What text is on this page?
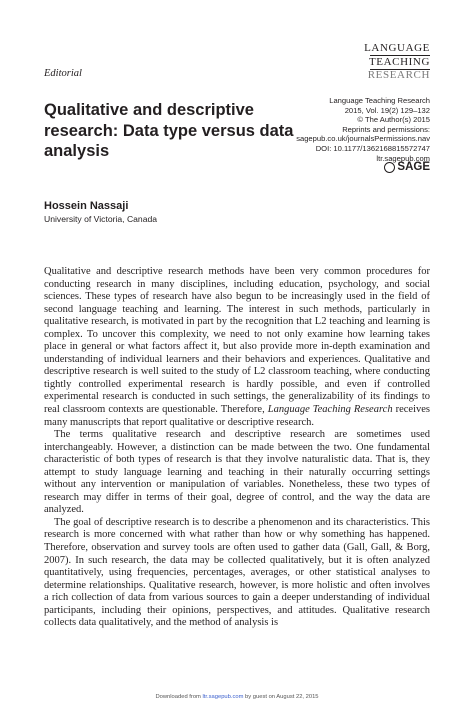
LANGUAGE
TEACHING
RESEARCH
Editorial
Qualitative and descriptive research: Data type versus data analysis
Language Teaching Research
2015, Vol. 19(2) 129–132
© The Author(s) 2015
Reprints and permissions:
sagepub.co.uk/journalsPermissions.nav
DOI: 10.1177/1362168815572747
ltr.sagepub.com
SAGE
Hossein Nassaji
University of Victoria, Canada

Qualitative and descriptive research methods have been very common procedures for conducting research in many disciplines, including education, psychology, and social sciences. These types of research have also begun to be increasingly used in the field of second language teaching and learning. The interest in such methods, particularly in qualitative research, is motivated in part by the recognition that L2 teaching and learning is complex. To uncover this complexity, we need to not only examine how learning takes place in general or what factors affect it, but also provide more in-depth examination and understanding of individual learners and their behaviors and experiences. Qualitative and descriptive research is well suited to the study of L2 classroom teaching, where conducting tightly controlled experimental research is hardly possible, and even if controlled experimental research is conducted in such settings, the generalizability of its findings to real classroom contexts are questionable. Therefore, Language Teaching Research receives many manuscripts that report qualitative or descriptive research.

The terms qualitative research and descriptive research are sometimes used interchangeably. However, a distinction can be made between the two. One fundamental characteristic of both types of research is that they involve naturalistic data. That is, they attempt to study language learning and teaching in their naturally occurring settings without any intervention or manipulation of variables. Nonetheless, these two types of research may differ in terms of their goal, degree of control, and the way the data are analyzed.

The goal of descriptive research is to describe a phenomenon and its characteristics. This research is more concerned with what rather than how or why something has happened. Therefore, observation and survey tools are often used to gather data (Gall, Gall, & Borg, 2007). In such research, the data may be collected qualitatively, but it is often analyzed quantitatively, using frequencies, percentages, averages, or other statistical analyses to determine relationships. Qualitative research, however, is more holistic and often involves a rich collection of data from various sources to gain a deeper understanding of individual participants, including their opinions, perspectives, and attitudes. Qualitative research collects data qualitatively, and the method of analysis is

Downloaded from ltr.sagepub.com by guest on August 22, 2015
